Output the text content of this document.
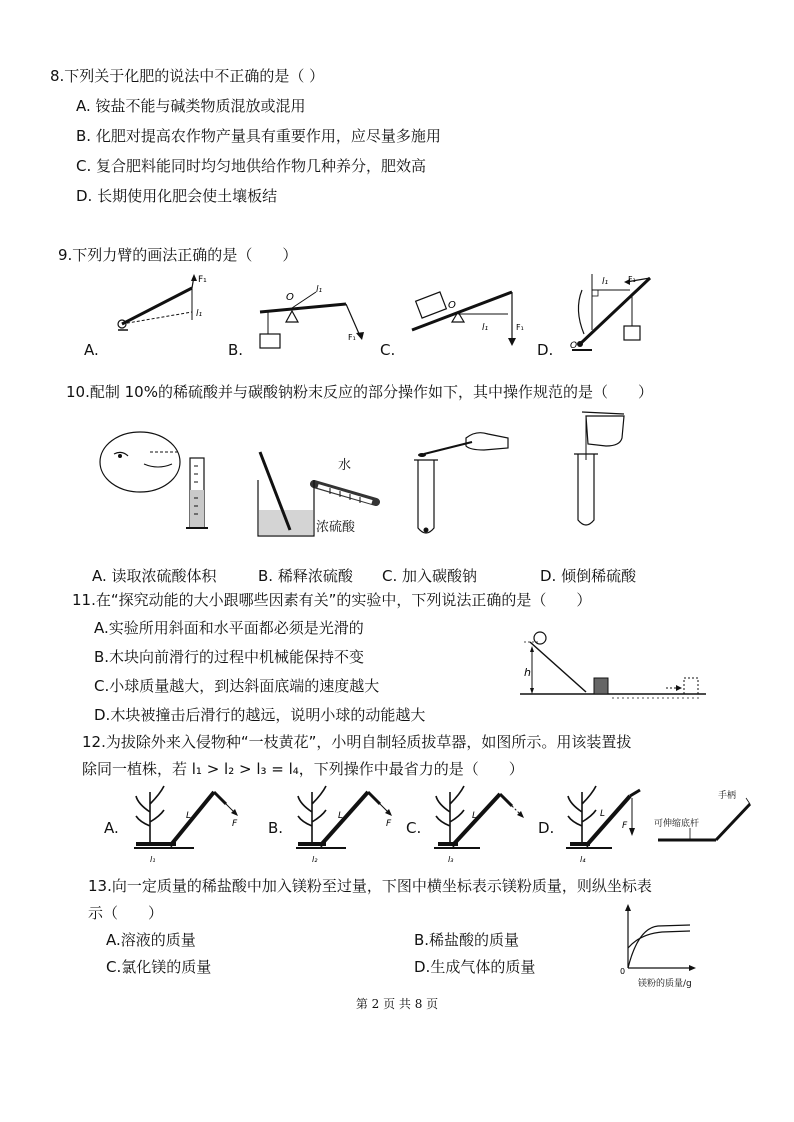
8.下列关于化肥的说法中不正确的是（ ）
A. 铵盐不能与碱类物质混放或混用
B. 化肥对提高农作物产量具有重要作用，应尽量多施用
C. 复合肥料能同时均匀地供给作物几种养分，肥效高
D. 长期使用化肥会使土壤板结
9.下列力臂的画法正确的是（　　）
A.
F₁
l₁
B.
O
l₁
F₁
C.
O
l₁	F₁
D.
l₁ F₁
O
10.配制 10%的稀硫酸并与碳酸钠粉末反应的部分操作如下，其中操作规范的是（　　）
水
浓硫酸
A. 读取浓硫酸体积	B. 稀释浓硫酸 C. 加入碳酸钠	D. 倾倒稀硫酸
11.在“探究动能的大小跟哪些因素有关”的实验中，下列说法正确的是（　　）
A.实验所用斜面和水平面都必须是光滑的
B.木块向前滑行的过程中机械能保持不变
C.小球质量越大，到达斜面底端的速度越大
D.木块被撞击后滑行的越远，说明小球的动能越大
h
12.为拔除外来入侵物种“一枝黄花”，小明自制轻质拔草器，如图所示。用该装置拔
除同一植株，若 l₁ > l₂ > l₃ = l₄，下列操作中最省力的是（　　）
A.	F
L
l₁
B.	F
L
l₂
C.
L
l₃
D.	F
L
l₄
手柄
可伸缩底杆
13.向一定质量的稀盐酸中加入镁粉至过量，下图中横坐标表示镁粉质量，则纵坐标表
示（　　）
A.溶液的质量	B.稀盐酸的质量
C.氯化镁的质量	D.生成气体的质量	0
镁粉的质量/g
第 2 页 共 8 页
